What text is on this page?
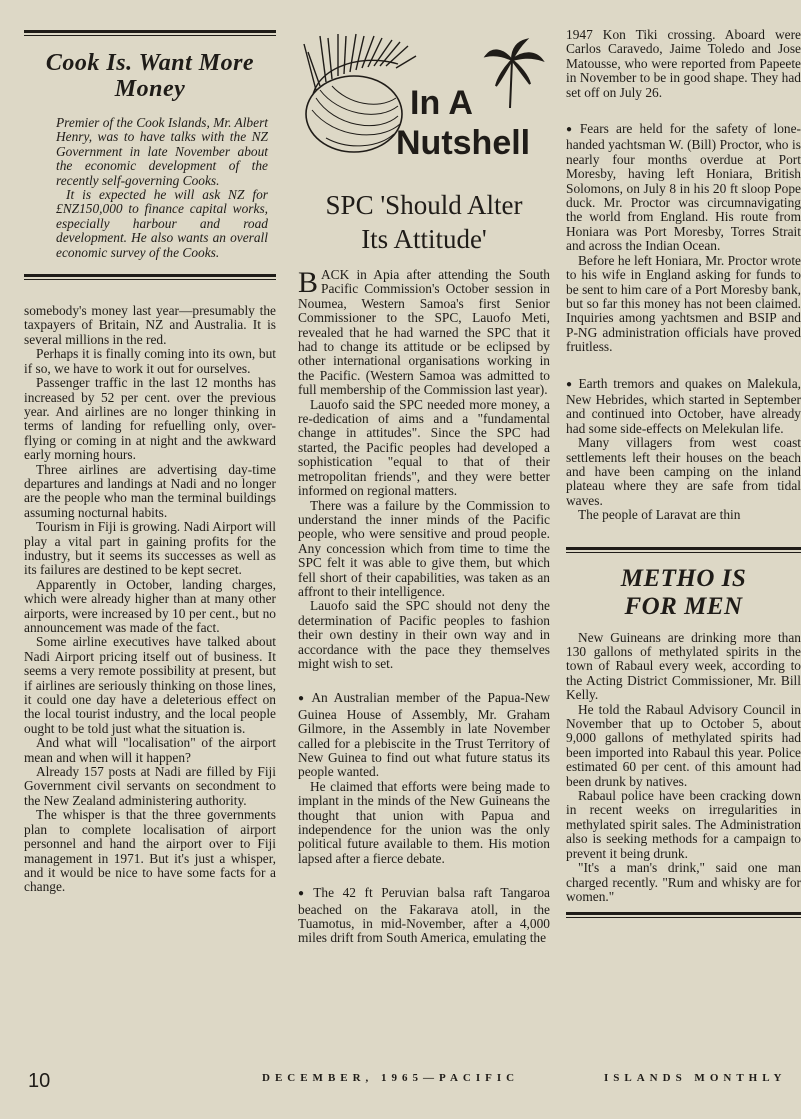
Cook Is. Want More Money

Premier of the Cook Islands, Mr. Albert Henry, was to have talks with the NZ Government in late November about the economic development of the recently self-governing Cooks.

It is expected he will ask NZ for £NZ150,000 to finance capital works, especially harbour and road development. He also wants an overall economic survey of the Cooks.

somebody's money last year—presumably the taxpayers of Britain, NZ and Australia. It is several millions in the red.

Perhaps it is finally coming into its own, but if so, we have to work it out for ourselves.

Passenger traffic in the last 12 months has increased by 52 per cent. over the previous year. And airlines are no longer thinking in terms of landing for refuelling only, over-flying or coming in at night and the awkward early morning hours.

Three airlines are advertising day-time departures and landings at Nadi and no longer are the people who man the terminal buildings assuming nocturnal habits.

Tourism in Fiji is growing. Nadi Airport will play a vital part in gaining profits for the industry, but it seems its successes as well as its failures are destined to be kept secret.

Apparently in October, landing charges, which were already higher than at many other airports, were increased by 10 per cent., but no announcement was made of the fact.

Some airline executives have talked about Nadi Airport pricing itself out of business. It seems a very remote possibility at present, but if airlines are seriously thinking on those lines, it could one day have a deleterious effect on the local tourist industry, and the local people ought to be told just what the situation is.

And what will "localisation" of the airport mean and when will it happen?

Already 157 posts at Nadi are filled by Fiji Government civil servants on secondment to the New Zealand administering authority.

The whisper is that the three governments plan to complete localisation of airport personnel and hand the airport over to Fiji management in 1971. But it's just a whisper, and it would be nice to have some facts for a change.

In A
Nutshell
SPC 'Should Alter
Its Attitude'

BACK in Apia after attending the South Pacific Commission's October session in Noumea, Western Samoa's first Senior Commissioner to the SPC, Lauofo Meti, revealed that he had warned the SPC that it had to change its attitude or be eclipsed by other international organisations working in the Pacific. (Western Samoa was admitted to full membership of the Commission last year).

Lauofo said the SPC needed more money, a re-dedication of aims and a "fundamental change in attitudes". Since the SPC had started, the Pacific peoples had developed a sophistication "equal to that of their metropolitan friends", and they were better informed on regional matters.

There was a failure by the Commission to understand the inner minds of the Pacific people, who were sensitive and proud people. Any concession which from time to time the SPC felt it was able to give them, but which fell short of their capabilities, was taken as an affront to their intelligence.

Lauofo said the SPC should not deny the determination of Pacific peoples to fashion their own destiny in their own way and in accordance with the pace they themselves might wish to set.

● An Australian member of the Papua-New Guinea House of Assembly, Mr. Graham Gilmore, in the Assembly in late November called for a plebiscite in the Trust Territory of New Guinea to find out what future status its people wanted.

He claimed that efforts were being made to implant in the minds of the New Guineans the thought that union with Papua and independence for the union was the only political future available to them. His motion lapsed after a fierce debate.

● The 42 ft Peruvian balsa raft Tangaroa beached on the Fakarava atoll, in the Tuamotus, in mid-November, after a 4,000 miles drift from South America, emulating the

1947 Kon Tiki crossing. Aboard were Carlos Caravedo, Jaime Toledo and Jose Matousse, who were reported from Papeete in November to be in good shape. They had set off on July 26.

● Fears are held for the safety of lone-handed yachtsman W. (Bill) Proctor, who is nearly four months overdue at Port Moresby, having left Honiara, British Solomons, on July 8 in his 20 ft sloop Pope duck. Mr. Proctor was circumnavigating the world from England. His route from Honiara was Port Moresby, Torres Strait and across the Indian Ocean.

Before he left Honiara, Mr. Proctor wrote to his wife in England asking for funds to be sent to him care of a Port Moresby bank, but so far this money has not been claimed. Inquiries among yachtsmen and BSIP and P-NG administration officials have proved fruitless.

● Earth tremors and quakes on Malekula, New Hebrides, which started in September and continued into October, have already had some side-effects on Melekulan life.

Many villagers from west coast settlements left their houses on the beach and have been camping on the inland plateau where they are safe from tidal waves.

The people of Laravat are thin

METHO IS
FOR MEN

New Guineans are drinking more than 130 gallons of methylated spirits in the town of Rabaul every week, according to the Acting District Commissioner, Mr. Bill Kelly.

He told the Rabaul Advisory Council in November that up to October 5, about 9,000 gallons of methylated spirits had been imported into Rabaul this year. Police estimated 60 per cent. of this amount had been drunk by natives.

Rabaul police have been cracking down in recent weeks on irregularities in methylated spirit sales. The Administration also is seeking methods for a campaign to prevent it being drunk.

"It's a man's drink," said one man charged recently. "Rum and whisky are for women."

10	DECEMBER, 1965—PACIFIC	ISLANDS MONTHLY
